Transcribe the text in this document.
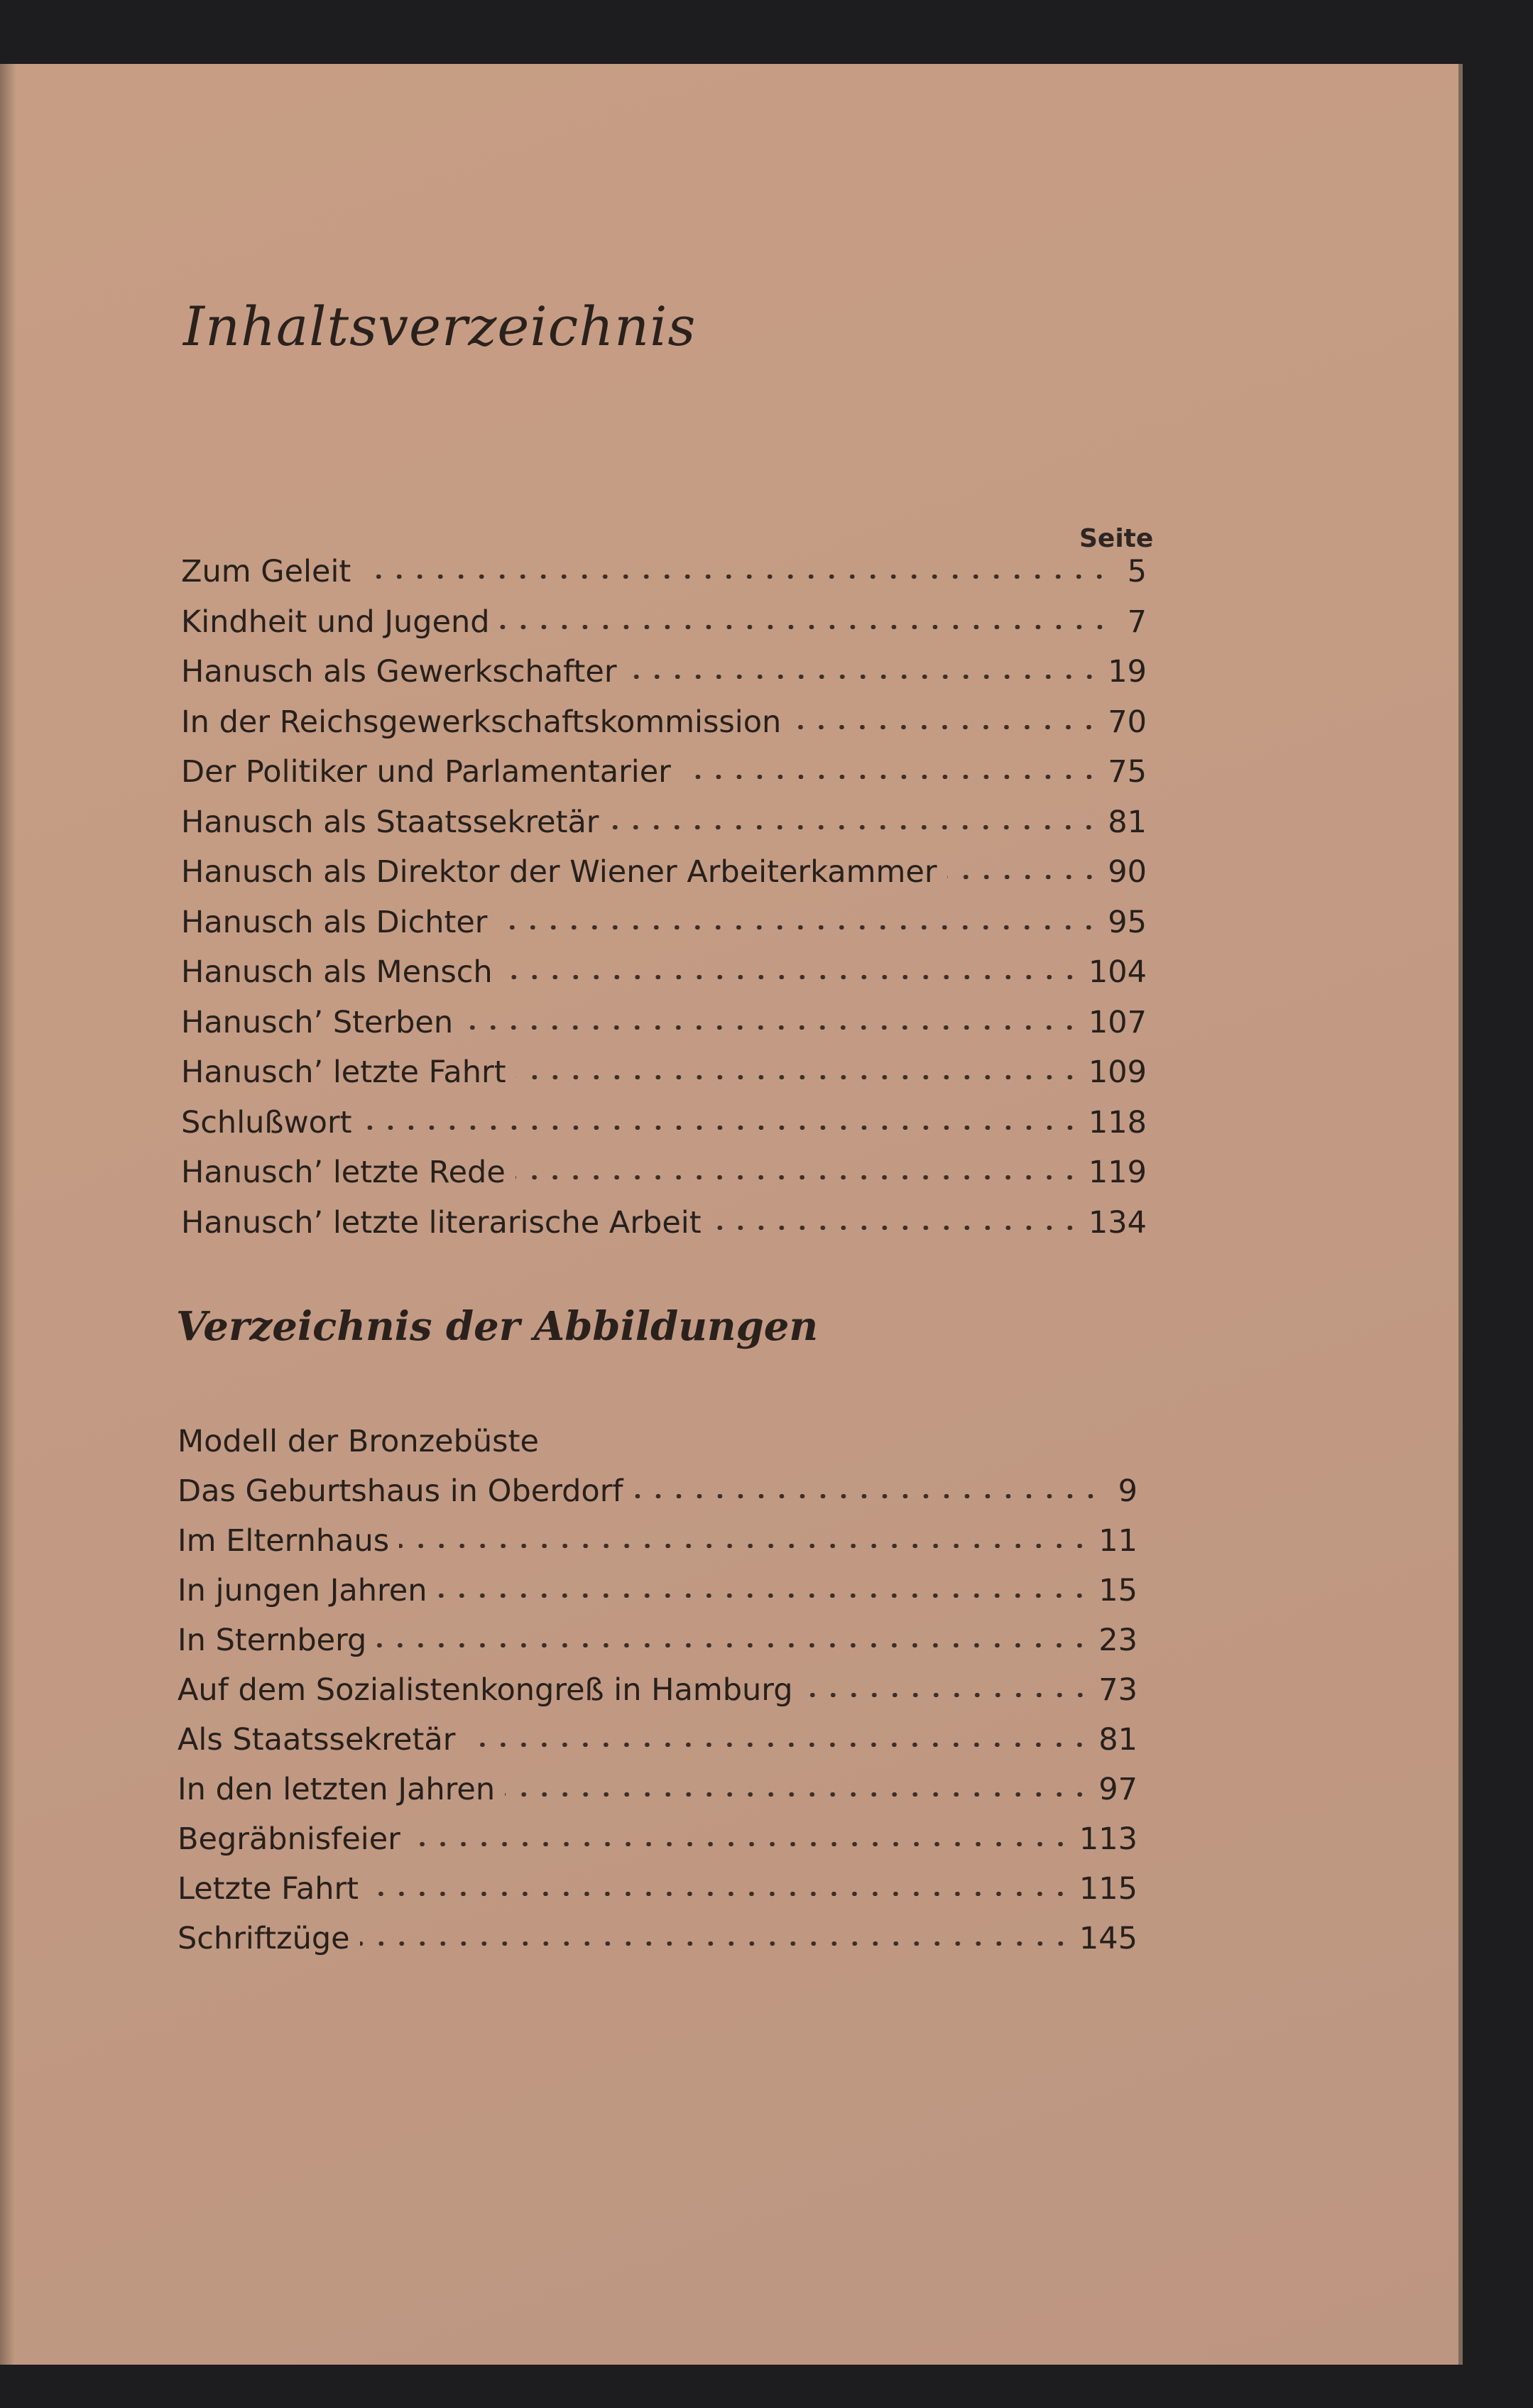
Inhaltsverzeichnis
Seite
Zum Geleit	5
Kindheit und Jugend	7
Hanusch als Gewerkschafter	19
In der Reichsgewerkschaftskommission	70
Der Politiker und Parlamentarier	75
Hanusch als Staatssekretär	81
Hanusch als Direktor der Wiener Arbeiterkammer	90
Hanusch als Dichter	95
Hanusch als Mensch	104
Hanusch’ Sterben	107
Hanusch’ letzte Fahrt	109
Schlußwort	118
Hanusch’ letzte Rede	119
Hanusch’ letzte literarische Arbeit	134
Verzeichnis der Abbildungen
Modell der Bronzebüste
Das Geburtshaus in Oberdorf	9
Im Elternhaus	11
In jungen Jahren	15
In Sternberg	23
Auf dem Sozialistenkongreß in Hamburg	73
Als Staatssekretär	81
In den letzten Jahren	97
Begräbnisfeier	113
Letzte Fahrt	115
Schriftzüge	145
